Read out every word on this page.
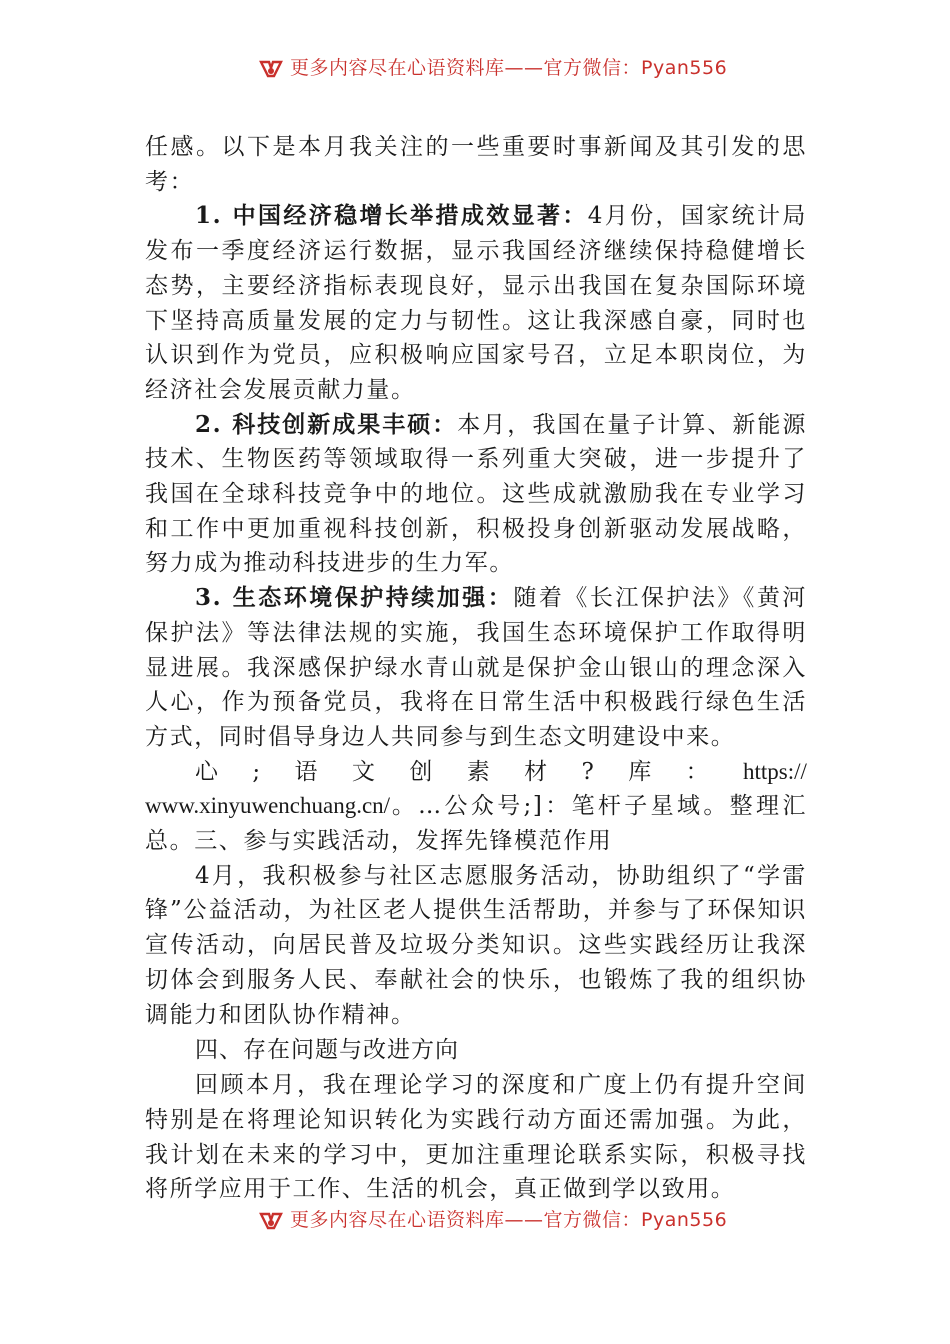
更多内容尽在心语资料库——官方微信：Pyan556

任感。以下是本月我关注的一些重要时事新闻及其引发的思考：

1. 中国经济稳增长举措成效显著：4月份，国家统计局发布一季度经济运行数据，显示我国经济继续保持稳健增长态势，主要经济指标表现良好，显示出我国在复杂国际环境下坚持高质量发展的定力与韧性。这让我深感自豪，同时也认识到作为党员，应积极响应国家号召，立足本职岗位，为经济社会发展贡献力量。

2. 科技创新成果丰硕：本月，我国在量子计算、新能源技术、生物医药等领域取得一系列重大突破，进一步提升了我国在全球科技竞争中的地位。这些成就激励我在专业学习和工作中更加重视科技创新，积极投身创新驱动发展战略，努力成为推动科技进步的生力军。

3. 生态环境保护持续加强：随着《长江保护法》《黄河保护法》等法律法规的实施，我国生态环境保护工作取得明显进展。我深感保护绿水青山就是保护金山银山的理念深入人心，作为预备党员，我将在日常生活中积极践行绿色生活方式，同时倡导身边人共同参与到生态文明建设中来。

心 ; 语 文 创 素 材 ? 库 ： https://

www.xinyuwenchuang.cn/。…公众号;]：笔杆子星域。整理汇总。三、参与实践活动，发挥先锋模范作用

4月，我积极参与社区志愿服务活动，协助组织了“学雷锋”公益活动，为社区老人提供生活帮助，并参与了环保知识宣传活动，向居民普及垃圾分类知识。这些实践经历让我深切体会到服务人民、奉献社会的快乐，也锻炼了我的组织协调能力和团队协作精神。

四、存在问题与改进方向

回顾本月，我在理论学习的深度和广度上仍有提升空间特别是在将理论知识转化为实践行动方面还需加强。为此，我计划在未来的学习中，更加注重理论联系实际，积极寻找将所学应用于工作、生活的机会，真正做到学以致用。

更多内容尽在心语资料库——官方微信：Pyan556
